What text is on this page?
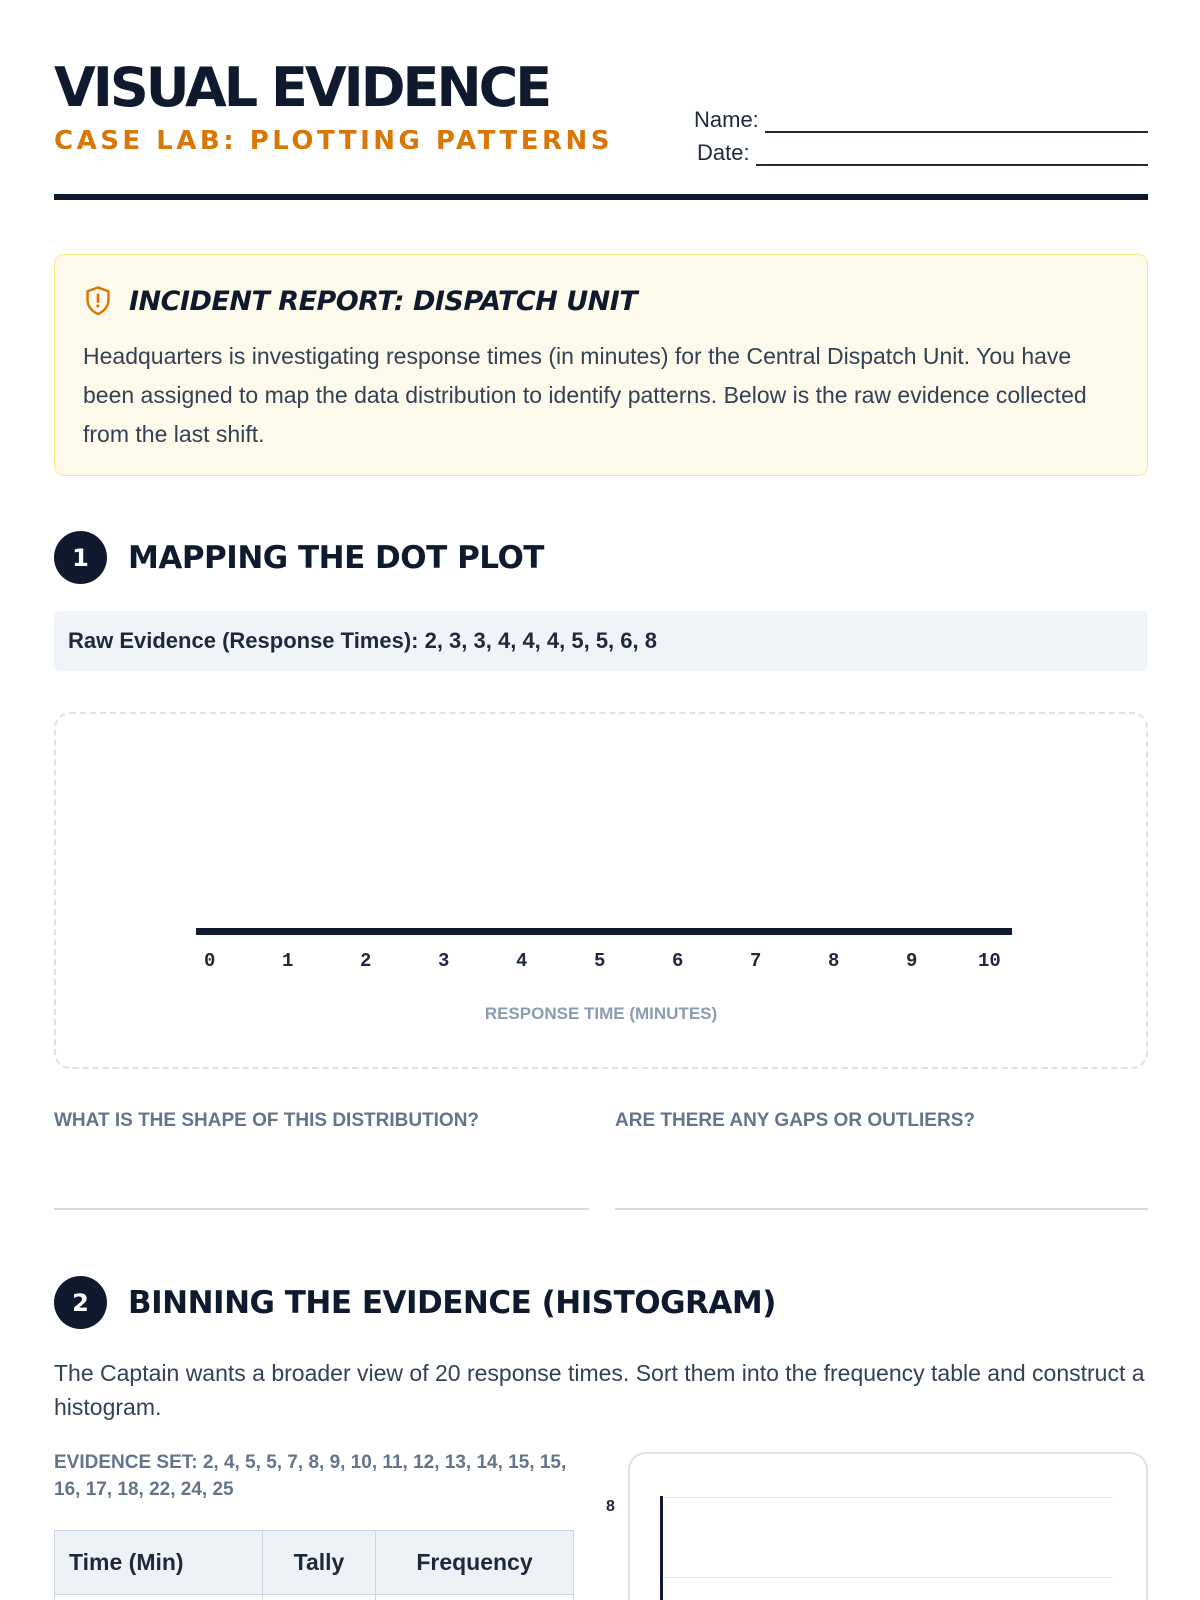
VISUAL EVIDENCE
CASE LAB: PLOTTING PATTERNS
Name:
Date:
INCIDENT REPORT: DISPATCH UNIT
Headquarters is investigating response times (in minutes) for the Central Dispatch Unit. You have been assigned to map the data distribution to identify patterns. Below is the raw evidence collected from the last shift.
1	MAPPING THE DOT PLOT
Raw Evidence (Response Times): 2, 3, 3, 4, 4, 4, 5, 5, 6, 8
0	1	2	3	4	5	6	7	8	9	10
RESPONSE TIME (MINUTES)
WHAT IS THE SHAPE OF THIS DISTRIBUTION?	ARE THERE ANY GAPS OR OUTLIERS?
2	BINNING THE EVIDENCE (HISTOGRAM)
The Captain wants a broader view of 20 response times. Sort them into the frequency table and construct a histogram.
EVIDENCE SET: 2, 4, 5, 5, 7, 8, 9, 10, 11, 12, 13, 14, 15, 15, 16, 17, 18, 22, 24, 25
Time (Min)	Tally	Frequency

8
